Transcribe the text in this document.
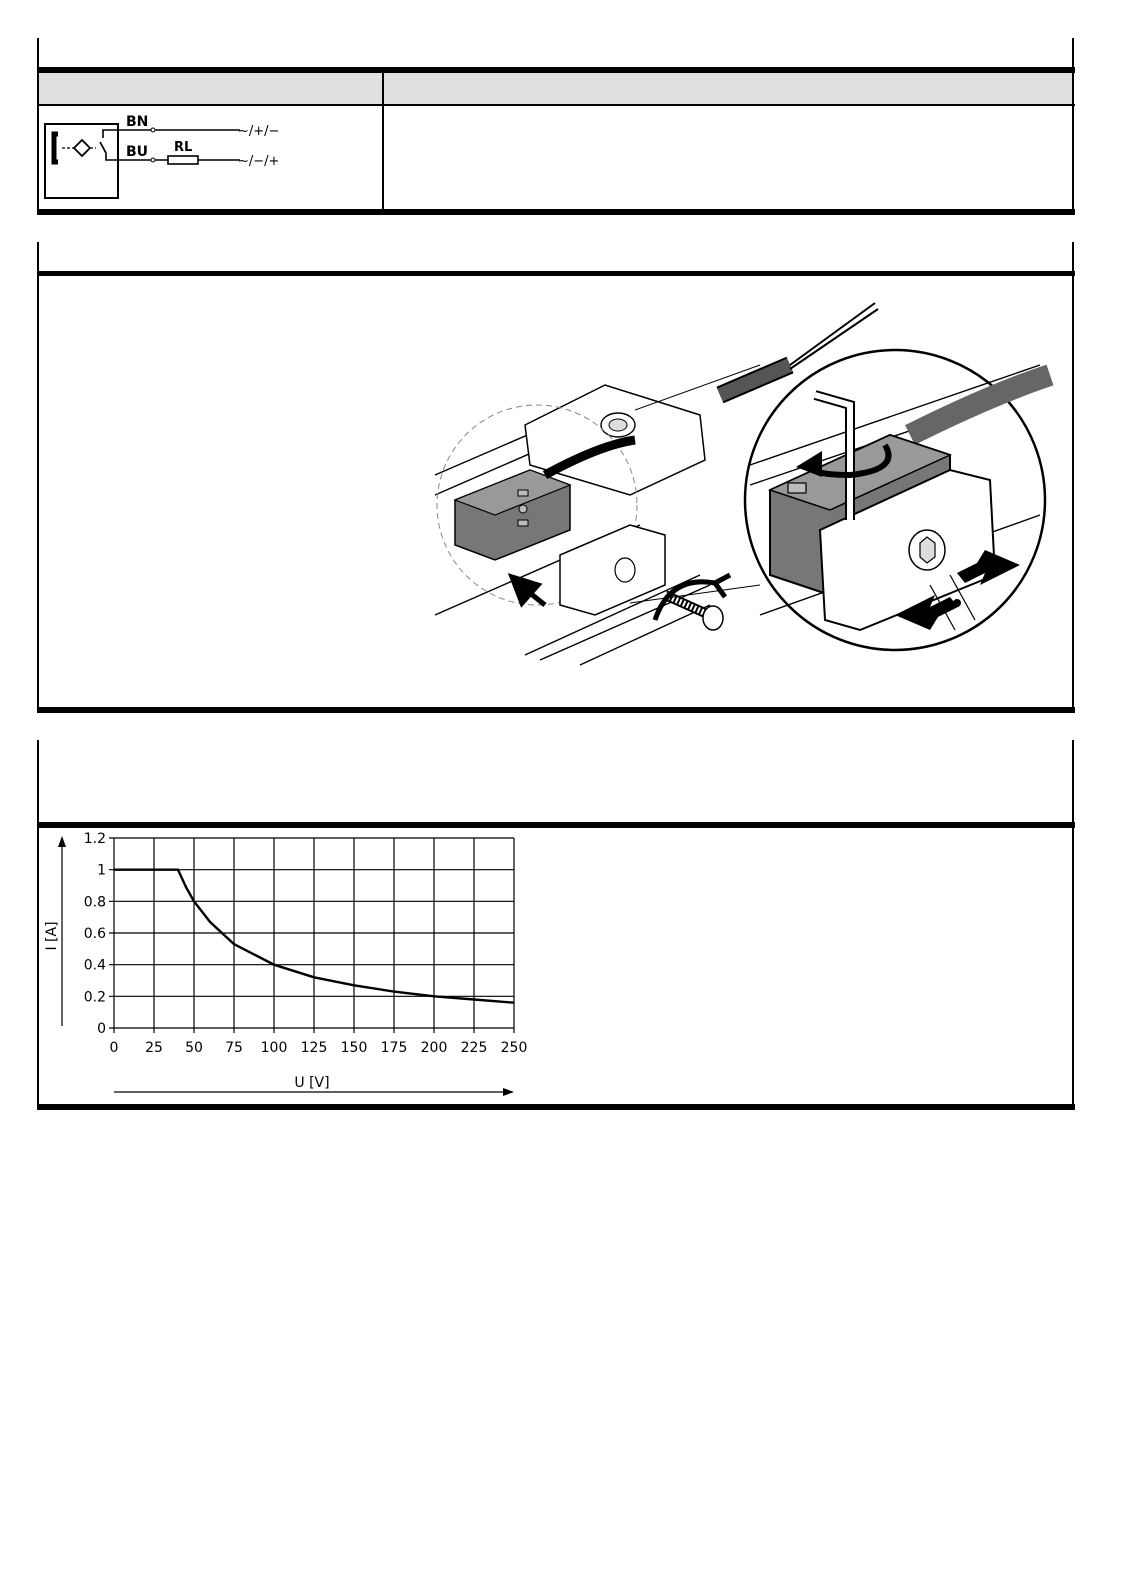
BN
BU RL
∼/+/−
∼/−/+
0
0.2
0.4
0.6
0.8
1
1.2
0 25 50 75 100 125 150 175 200 225 250
I [A]
U [V]
